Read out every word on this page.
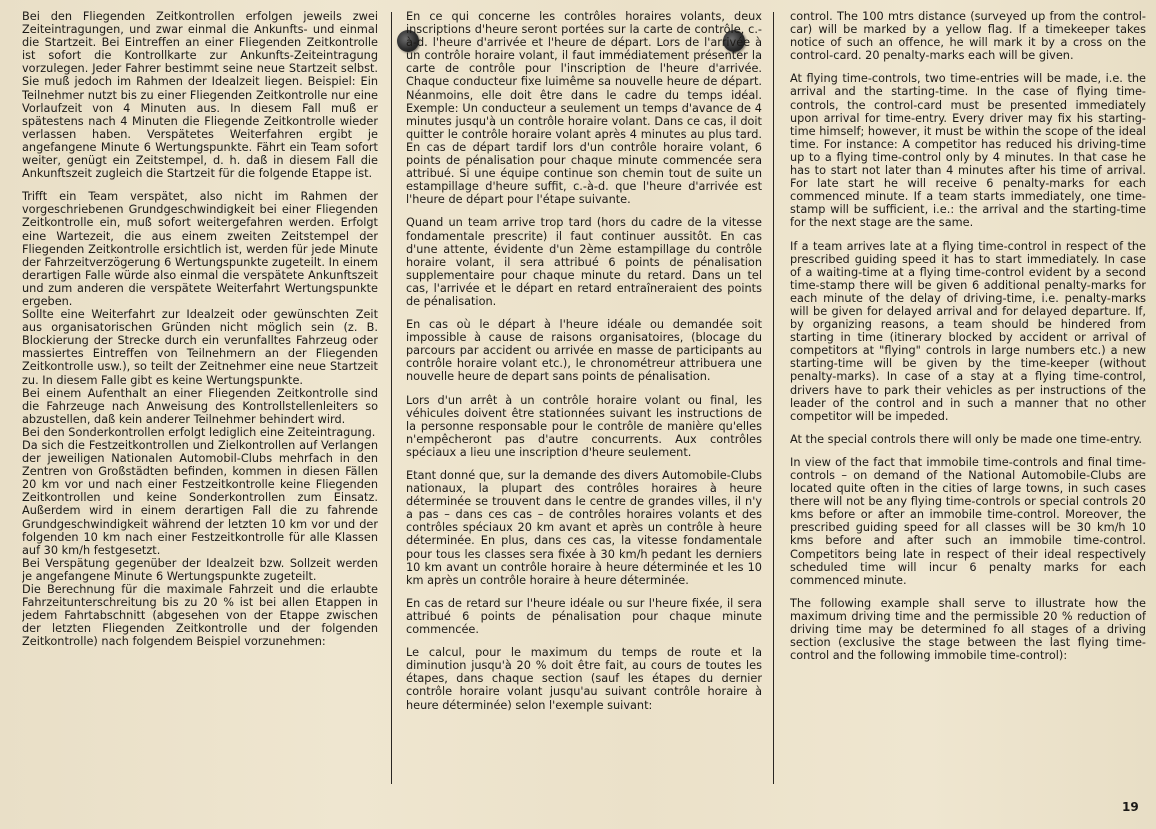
Bei den Fliegenden Zeitkontrollen erfolgen jeweils zwei Zeiteintragungen, und zwar einmal die Ankunfts- und einmal die Startzeit. Bei Eintreffen an einer Fliegenden Zeitkontrolle ist sofort die Kontrollkarte zur Ankunfts-Zeiteintragung vorzulegen. Jeder Fahrer bestimmt seine neue Startzeit selbst. Sie muß jedoch im Rahmen der Idealzeit liegen. Beispiel: Ein Teilnehmer nutzt bis zu einer Fliegenden Zeitkontrolle nur eine Vorlaufzeit von 4 Minuten aus. In diesem Fall muß er spätestens nach 4 Minuten die Fliegende Zeitkontrolle wieder verlassen haben. Verspätetes Weiterfahren ergibt je angefangene Minute 6 Wertungspunkte. Fährt ein Team sofort weiter, genügt ein Zeitstempel, d. h. daß in diesem Fall die Ankunftszeit zugleich die Startzeit für die folgende Etappe ist.

Trifft ein Team verspätet, also nicht im Rahmen der vorgeschriebenen Grundgeschwindigkeit bei einer Fliegenden Zeitkontrolle ein, muß sofort weitergefahren werden. Erfolgt eine Wartezeit, die aus einem zweiten Zeitstempel der Fliegenden Zeitkontrolle ersichtlich ist, werden für jede Minute der Fahrzeitverzögerung 6 Wertungspunkte zugeteilt. In einem derartigen Falle würde also einmal die verspätete Ankunftszeit und zum anderen die verspätete Weiterfahrt Wertungspunkte ergeben.

Sollte eine Weiterfahrt zur Idealzeit oder gewünschten Zeit aus organisatorischen Gründen nicht möglich sein (z. B. Blockierung der Strecke durch ein verunfalltes Fahrzeug oder massiertes Eintreffen von Teilnehmern an der Fliegenden Zeitkontrolle usw.), so teilt der Zeitnehmer eine neue Startzeit zu. In diesem Falle gibt es keine Wertungspunkte.

Bei einem Aufenthalt an einer Fliegenden Zeitkontrolle sind die Fahrzeuge nach Anweisung des Kontrollstellenleiters so abzustellen, daß kein anderer Teilnehmer behindert wird.

Bei den Sonderkontrollen erfolgt lediglich eine Zeiteintragung.

Da sich die Festzeitkontrollen und Zielkontrollen auf Verlangen der jeweiligen Nationalen Automobil-Clubs mehrfach in den Zentren von Großstädten befinden, kommen in diesen Fällen 20 km vor und nach einer Festzeitkontrolle keine Fliegenden Zeitkontrollen und keine Sonderkontrollen zum Einsatz. Außerdem wird in einem derartigen Fall die zu fahrende Grundgeschwindigkeit während der letzten 10 km vor und der folgenden 10 km nach einer Festzeitkontrolle für alle Klassen auf 30 km/h festgesetzt.

Bei Verspätung gegenüber der Idealzeit bzw. Sollzeit werden je angefangene Minute 6 Wertungspunkte zugeteilt.

Die Berechnung für die maximale Fahrzeit und die erlaubte Fahrzeitunterschreitung bis zu 20 % ist bei allen Etappen in jedem Fahrtabschnitt (abgesehen von der Etappe zwischen der letzten Fliegenden Zeitkontrolle und der folgenden Zeitkontrolle) nach folgendem Beispiel vorzunehmen:

En ce qui concerne les contrôles horaires volants, deux inscriptions d'heure seront portées sur la carte de contrôle, c.-à-d. l'heure d'arrivée et l'heure de départ. Lors de l'arrivée à un contrôle horaire volant, il faut immédiatement présenter la carte de contrôle pour l'inscription de l'heure d'arrivée. Chaque conducteur fixe luimême sa nouvelle heure de départ. Néanmoins, elle doit être dans le cadre du temps idéal. Exemple: Un conducteur a seulement un temps d'avance de 4 minutes jusqu'à un contrôle horaire volant. Dans ce cas, il doit quitter le contrôle horaire volant après 4 minutes au plus tard. En cas de départ tardif lors d'un contrôle horaire volant, 6 points de pénalisation pour chaque minute commencée sera attribué. Si une équipe continue son chemin tout de suite un estampillage d'heure suffit, c.-à-d. que l'heure d'arrivée est l'heure de départ pour l'étape suivante.

Quand un team arrive trop tard (hors du cadre de la vitesse fondamentale prescrite) il faut continuer aussitôt. En cas d'une attente, évidente d'un 2ème estampillage du contrôle horaire volant, il sera attribué 6 points de pénalisation supplementaire pour chaque minute du retard. Dans un tel cas, l'arrivée et le départ en retard entraîneraient des points de pénalisation.

En cas où le départ à l'heure idéale ou demandée soit impossible à cause de raisons organisatoires, (blocage du parcours par accident ou arrivée en masse de participants au contrôle horaire volant etc.), le chronométreur attribuera une nouvelle heure de depart sans points de pénalisation.

Lors d'un arrêt à un contrôle horaire volant ou final, les véhicules doivent être stationnées suivant les instructions de la personne responsable pour le contrôle de manière qu'elles n'empêcheront pas d'autre concurrents. Aux contrôles spéciaux a lieu une inscription d'heure seulement.

Etant donné que, sur la demande des divers Automobile-Clubs nationaux, la plupart des contrôles horaires à heure déterminée se trouvent dans le centre de grandes villes, il n'y a pas – dans ces cas – de contrôles horaires volants et des contrôles spéciaux 20 km avant et après un contrôle à heure déterminée. En plus, dans ces cas, la vitesse fondamentale pour tous les classes sera fixée à 30 km/h pedant les derniers 10 km avant un contrôle horaire à heure déterminée et les 10 km après un contrôle horaire à heure déterminée.

En cas de retard sur l'heure idéale ou sur l'heure fixée, il sera attribué 6 points de pénalisation pour chaque minute commencée.

Le calcul, pour le maximum du temps de route et la diminution jusqu'à 20 % doit être fait, au cours de toutes les étapes, dans chaque section (sauf les étapes du dernier contrôle horaire volant jusqu'au suivant contrôle horaire à heure déterminée) selon l'exemple suivant:

control. The 100 mtrs distance (surveyed up from the control-car) will be marked by a yellow flag. If a timekeeper takes notice of such an offence, he will mark it by a cross on the control-card. 20 penalty-marks each will be given.

At flying time-controls, two time-entries will be made, i.e. the arrival and the starting-time. In the case of flying time-controls, the control-card must be presented immediately upon arrival for time-entry. Every driver may fix his starting-time himself; however, it must be within the scope of the ideal time. For instance: A competitor has reduced his driving-time up to a flying time-control only by 4 minutes. In that case he has to start not later than 4 minutes after his time of arrival. For late start he will receive 6 penalty-marks for each commenced minute. If a team starts immediately, one time-stamp will be sufficient, i.e.: the arrival and the starting-time for the next stage are the same.

If a team arrives late at a flying time-control in respect of the prescribed guiding speed it has to start immediately. In case of a waiting-time at a flying time-control evident by a second time-stamp there will be given 6 additional penalty-marks for each minute of the delay of driving-time, i.e. penalty-marks will be given for delayed arrival and for delayed departure. If, by organizing reasons, a team should be hindered from starting in time (itinerary blocked by accident or arrival of competitors at "flying" controls in large numbers etc.) a new starting-time will be given by the time-keeper (without penalty-marks). In case of a stay at a flying time-control, drivers have to park their vehicles as per instructions of the leader of the control and in such a manner that no other competitor will be impeded.

At the special controls there will only be made one time-entry.

In view of the fact that immobile time-controls and final time-controls – on demand of the National Automobile-Clubs are located quite often in the cities of large towns, in such cases there will not be any flying time-controls or special controls 20 kms before or after an immobile time-control. Moreover, the prescribed guiding speed for all classes will be 30 km/h 10 kms before and after such an immobile time-control. Competitors being late in respect of their ideal respectively scheduled time will incur 6 penalty marks for each commenced minute.

The following example shall serve to illustrate how the maximum driving time and the permissible 20 % reduction of driving time may be determined fo all stages of a driving section (exclusive the stage between the last flying time-control and the following immobile time-control):

19
